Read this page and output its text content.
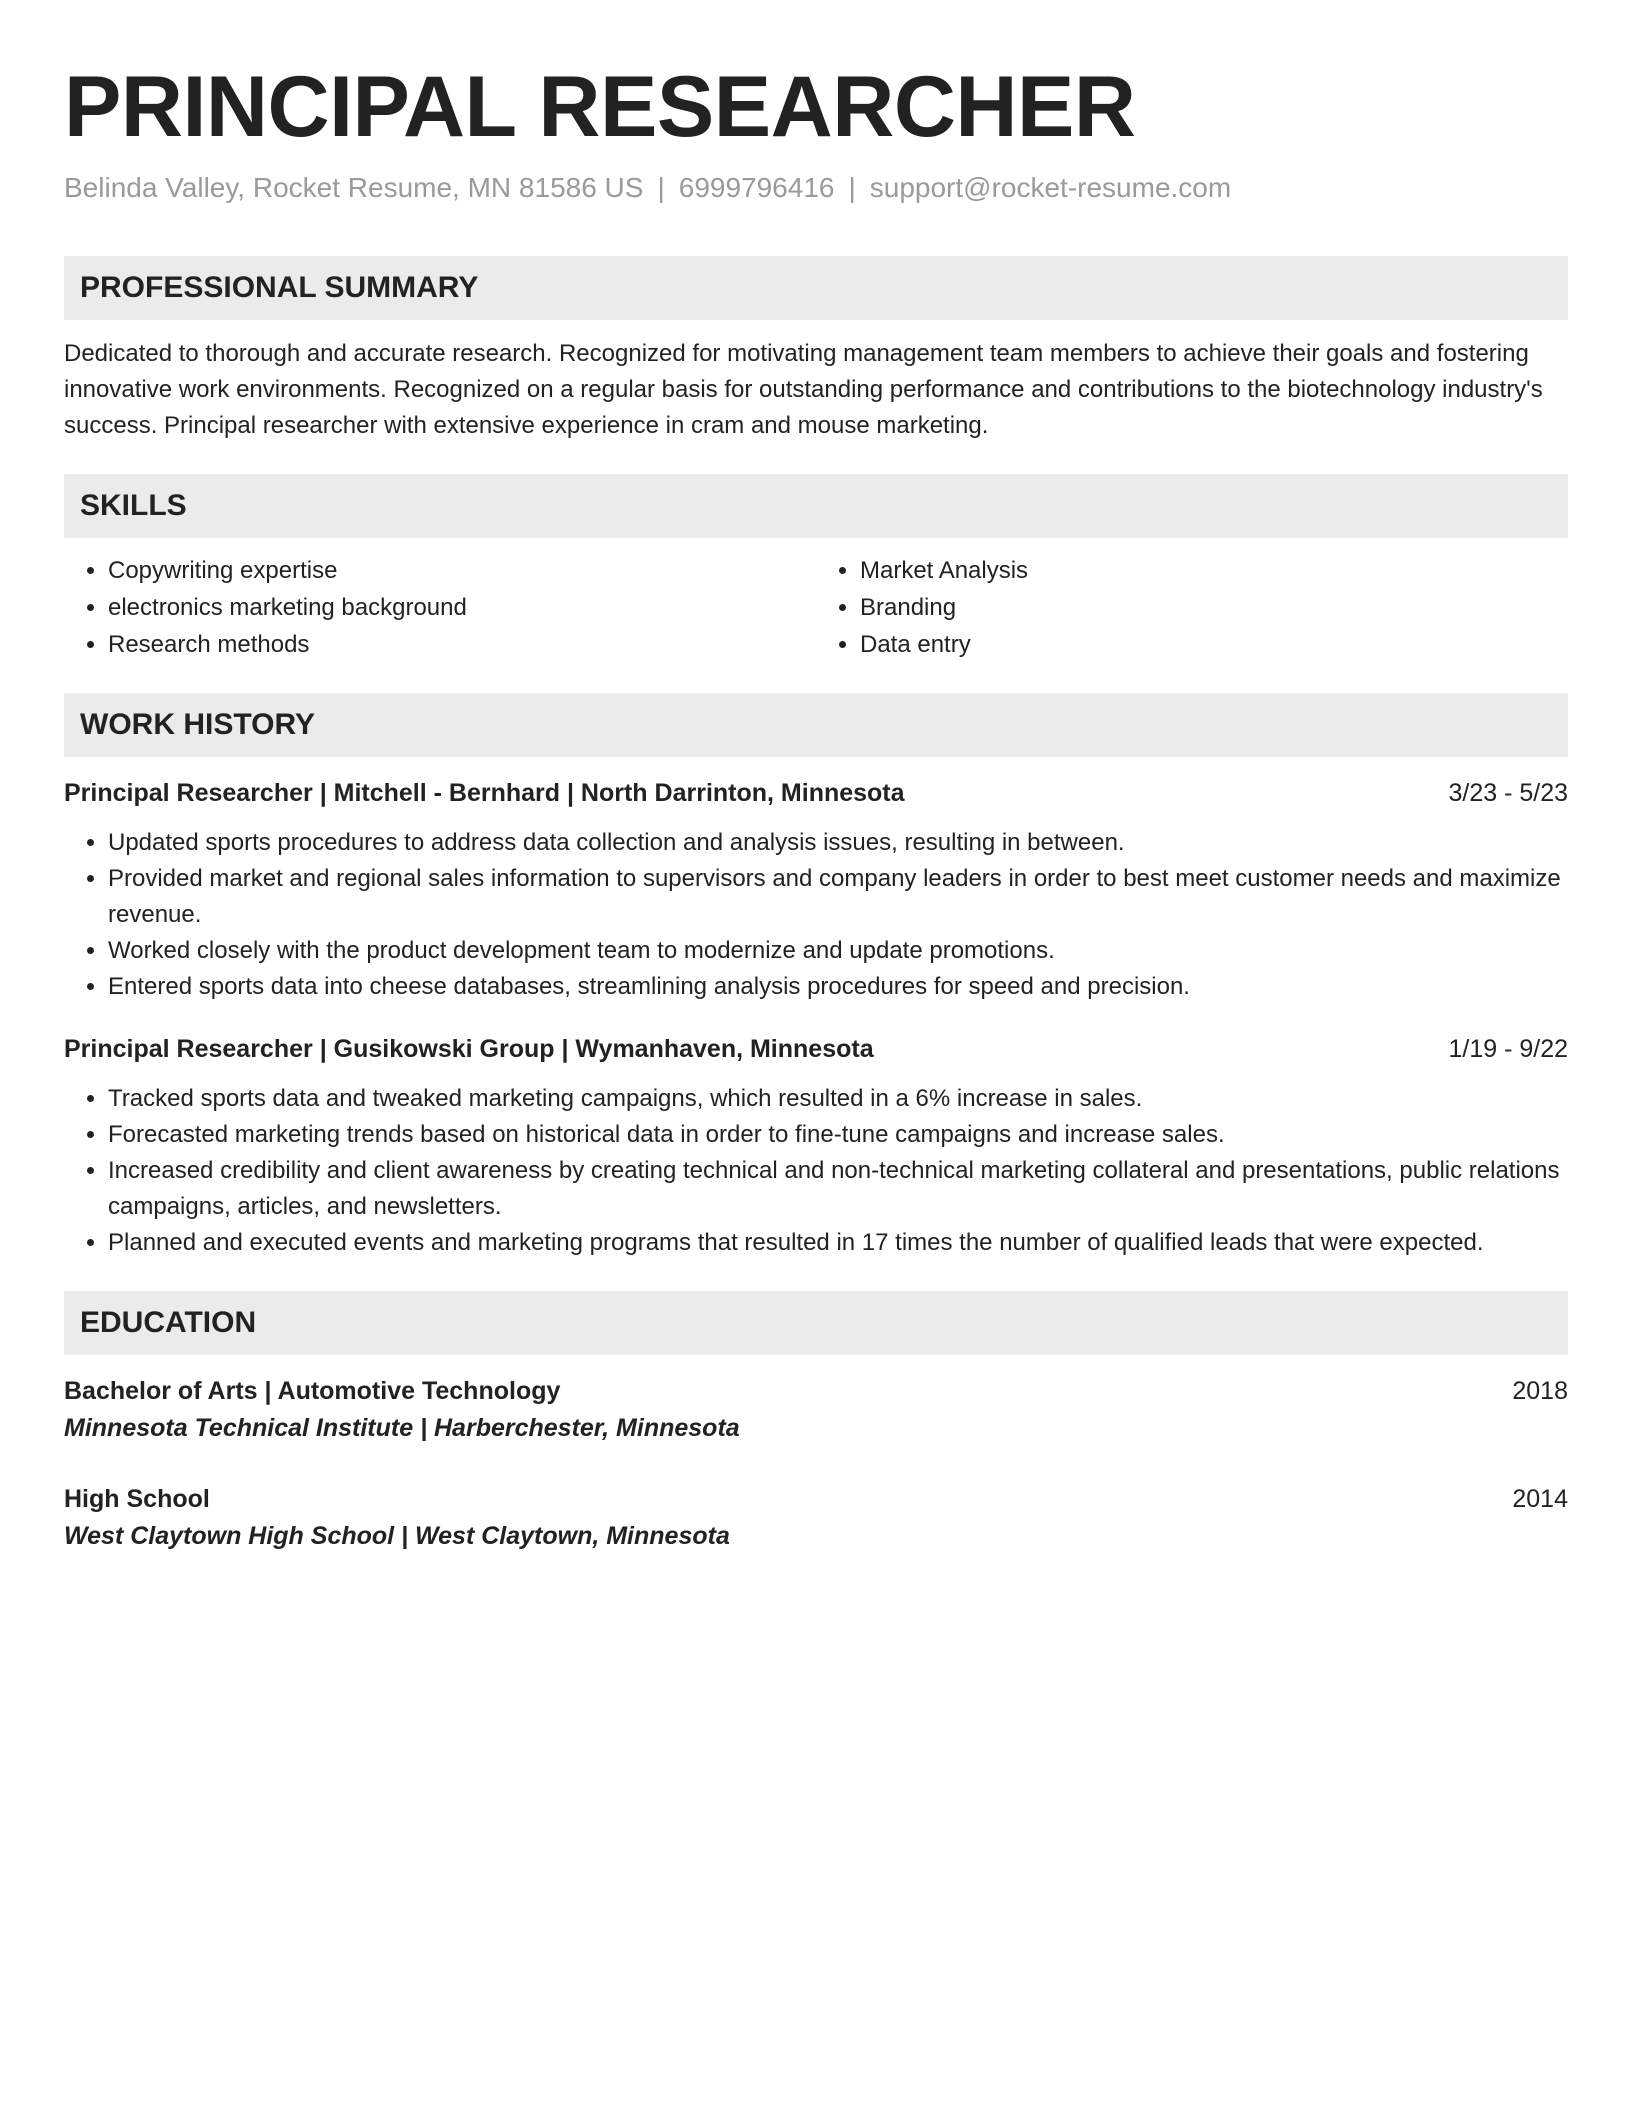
PRINCIPAL RESEARCHER
Belinda Valley, Rocket Resume, MN 81586 US | 6999796416 | support@rocket-resume.com
PROFESSIONAL SUMMARY

Dedicated to thorough and accurate research. Recognized for motivating management team members to achieve their goals and fostering innovative work environments. Recognized on a regular basis for outstanding performance and contributions to the biotechnology industry's success. Principal researcher with extensive experience in cram and mouse marketing.

SKILLS
• Copywriting expertise
• electronics marketing background
• Research methods
• Market Analysis
• Branding
• Data entry
WORK HISTORY
Principal Researcher | Mitchell - Bernhard | North Darrinton, Minnesota	3/23 - 5/23
• Updated sports procedures to address data collection and analysis issues, resulting in between.
• Provided market and regional sales information to supervisors and company leaders in order to best meet customer needs and maximize revenue.
• Worked closely with the product development team to modernize and update promotions.
• Entered sports data into cheese databases, streamlining analysis procedures for speed and precision.
Principal Researcher | Gusikowski Group | Wymanhaven, Minnesota	1/19 - 9/22
• Tracked sports data and tweaked marketing campaigns, which resulted in a 6% increase in sales.
• Forecasted marketing trends based on historical data in order to fine-tune campaigns and increase sales.
• Increased credibility and client awareness by creating technical and non-technical marketing collateral and presentations, public relations campaigns, articles, and newsletters.
• Planned and executed events and marketing programs that resulted in 17 times the number of qualified leads that were expected.
EDUCATION
Bachelor of Arts | Automotive Technology	2018
Minnesota Technical Institute | Harberchester, Minnesota
High School	2014
West Claytown High School | West Claytown, Minnesota
